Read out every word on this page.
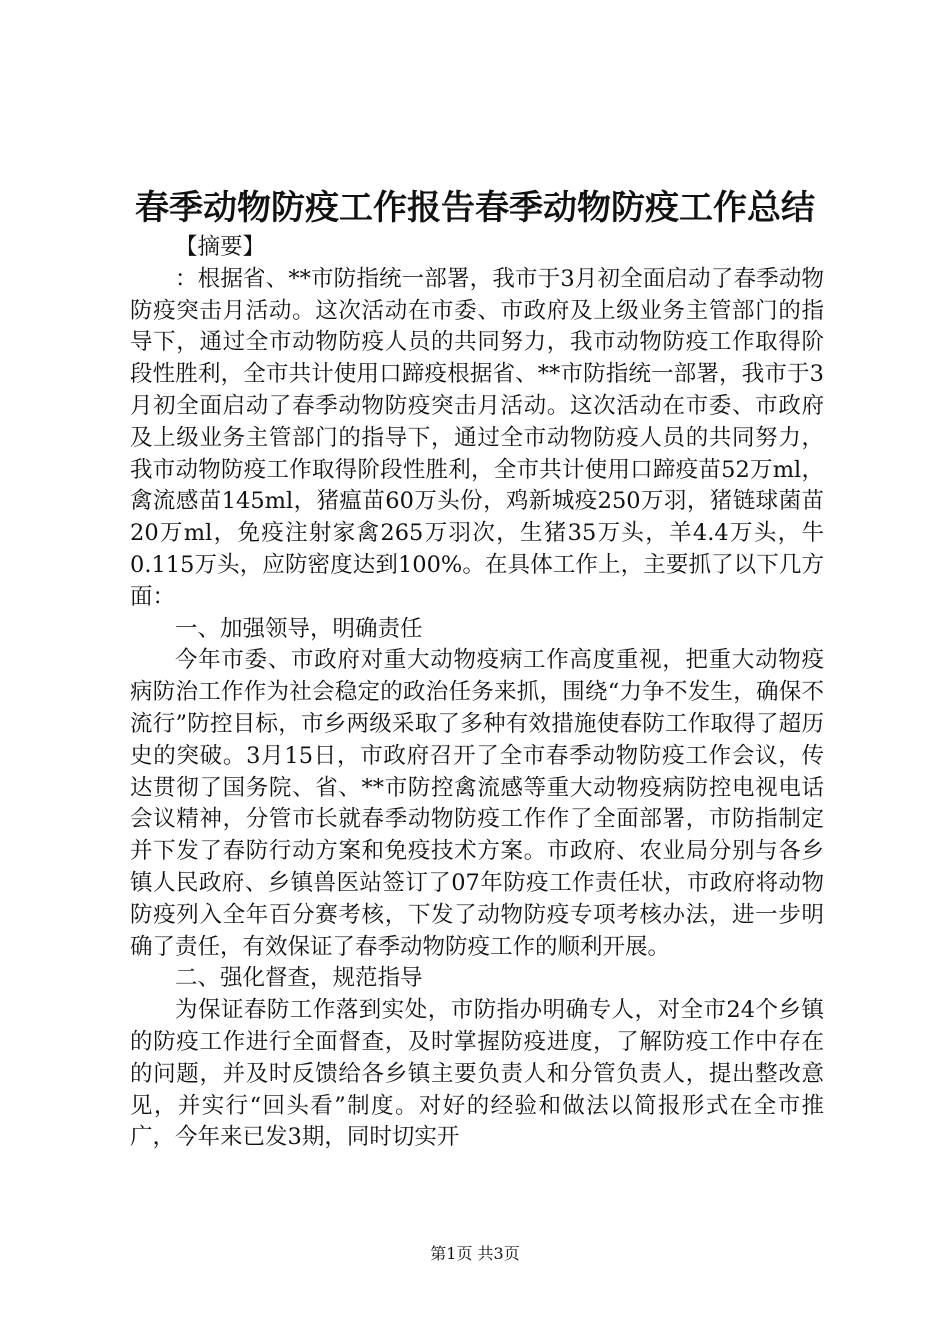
春季动物防疫工作报告春季动物防疫工作总结

【摘要】

：根据省、**市防指统一部署，我市于3月初全面启动了春季动物防疫突击月活动。这次活动在市委、市政府及上级业务主管部门的指导下，通过全市动物防疫人员的共同努力，我市动物防疫工作取得阶段性胜利，全市共计使用口蹄疫根据省、**市防指统一部署，我市于3月初全面启动了春季动物防疫突击月活动。这次活动在市委、市政府及上级业务主管部门的指导下，通过全市动物防疫人员的共同努力，我市动物防疫工作取得阶段性胜利，全市共计使用口蹄疫苗52万ml，禽流感苗145ml，猪瘟苗60万头份，鸡新城疫250万羽，猪链球菌苗20万ml，免疫注射家禽265万羽次，生猪35万头，羊4.4万头，牛0.115万头，应防密度达到100%。在具体工作上，主要抓了以下几方面：

一、加强领导，明确责任

今年市委、市政府对重大动物疫病工作高度重视，把重大动物疫病防治工作作为社会稳定的政治任务来抓，围绕“力争不发生，确保不流行”防控目标，市乡两级采取了多种有效措施使春防工作取得了超历史的突破。3月15日，市政府召开了全市春季动物防疫工作会议，传达贯彻了国务院、省、**市防控禽流感等重大动物疫病防控电视电话会议精神，分管市长就春季动物防疫工作作了全面部署，市防指制定并下发了春防行动方案和免疫技术方案。市政府、农业局分别与各乡镇人民政府、乡镇兽医站签订了07年防疫工作责任状，市政府将动物防疫列入全年百分赛考核，下发了动物防疫专项考核办法，进一步明确了责任，有效保证了春季动物防疫工作的顺利开展。

二、强化督查，规范指导

为保证春防工作落到实处，市防指办明确专人，对全市24个乡镇的防疫工作进行全面督查，及时掌握防疫进度，了解防疫工作中存在的问题，并及时反馈给各乡镇主要负责人和分管负责人，提出整改意见，并实行“回头看”制度。对好的经验和做法以简报形式在全市推广，今年来已发3期，同时切实开

第1页 共3页
